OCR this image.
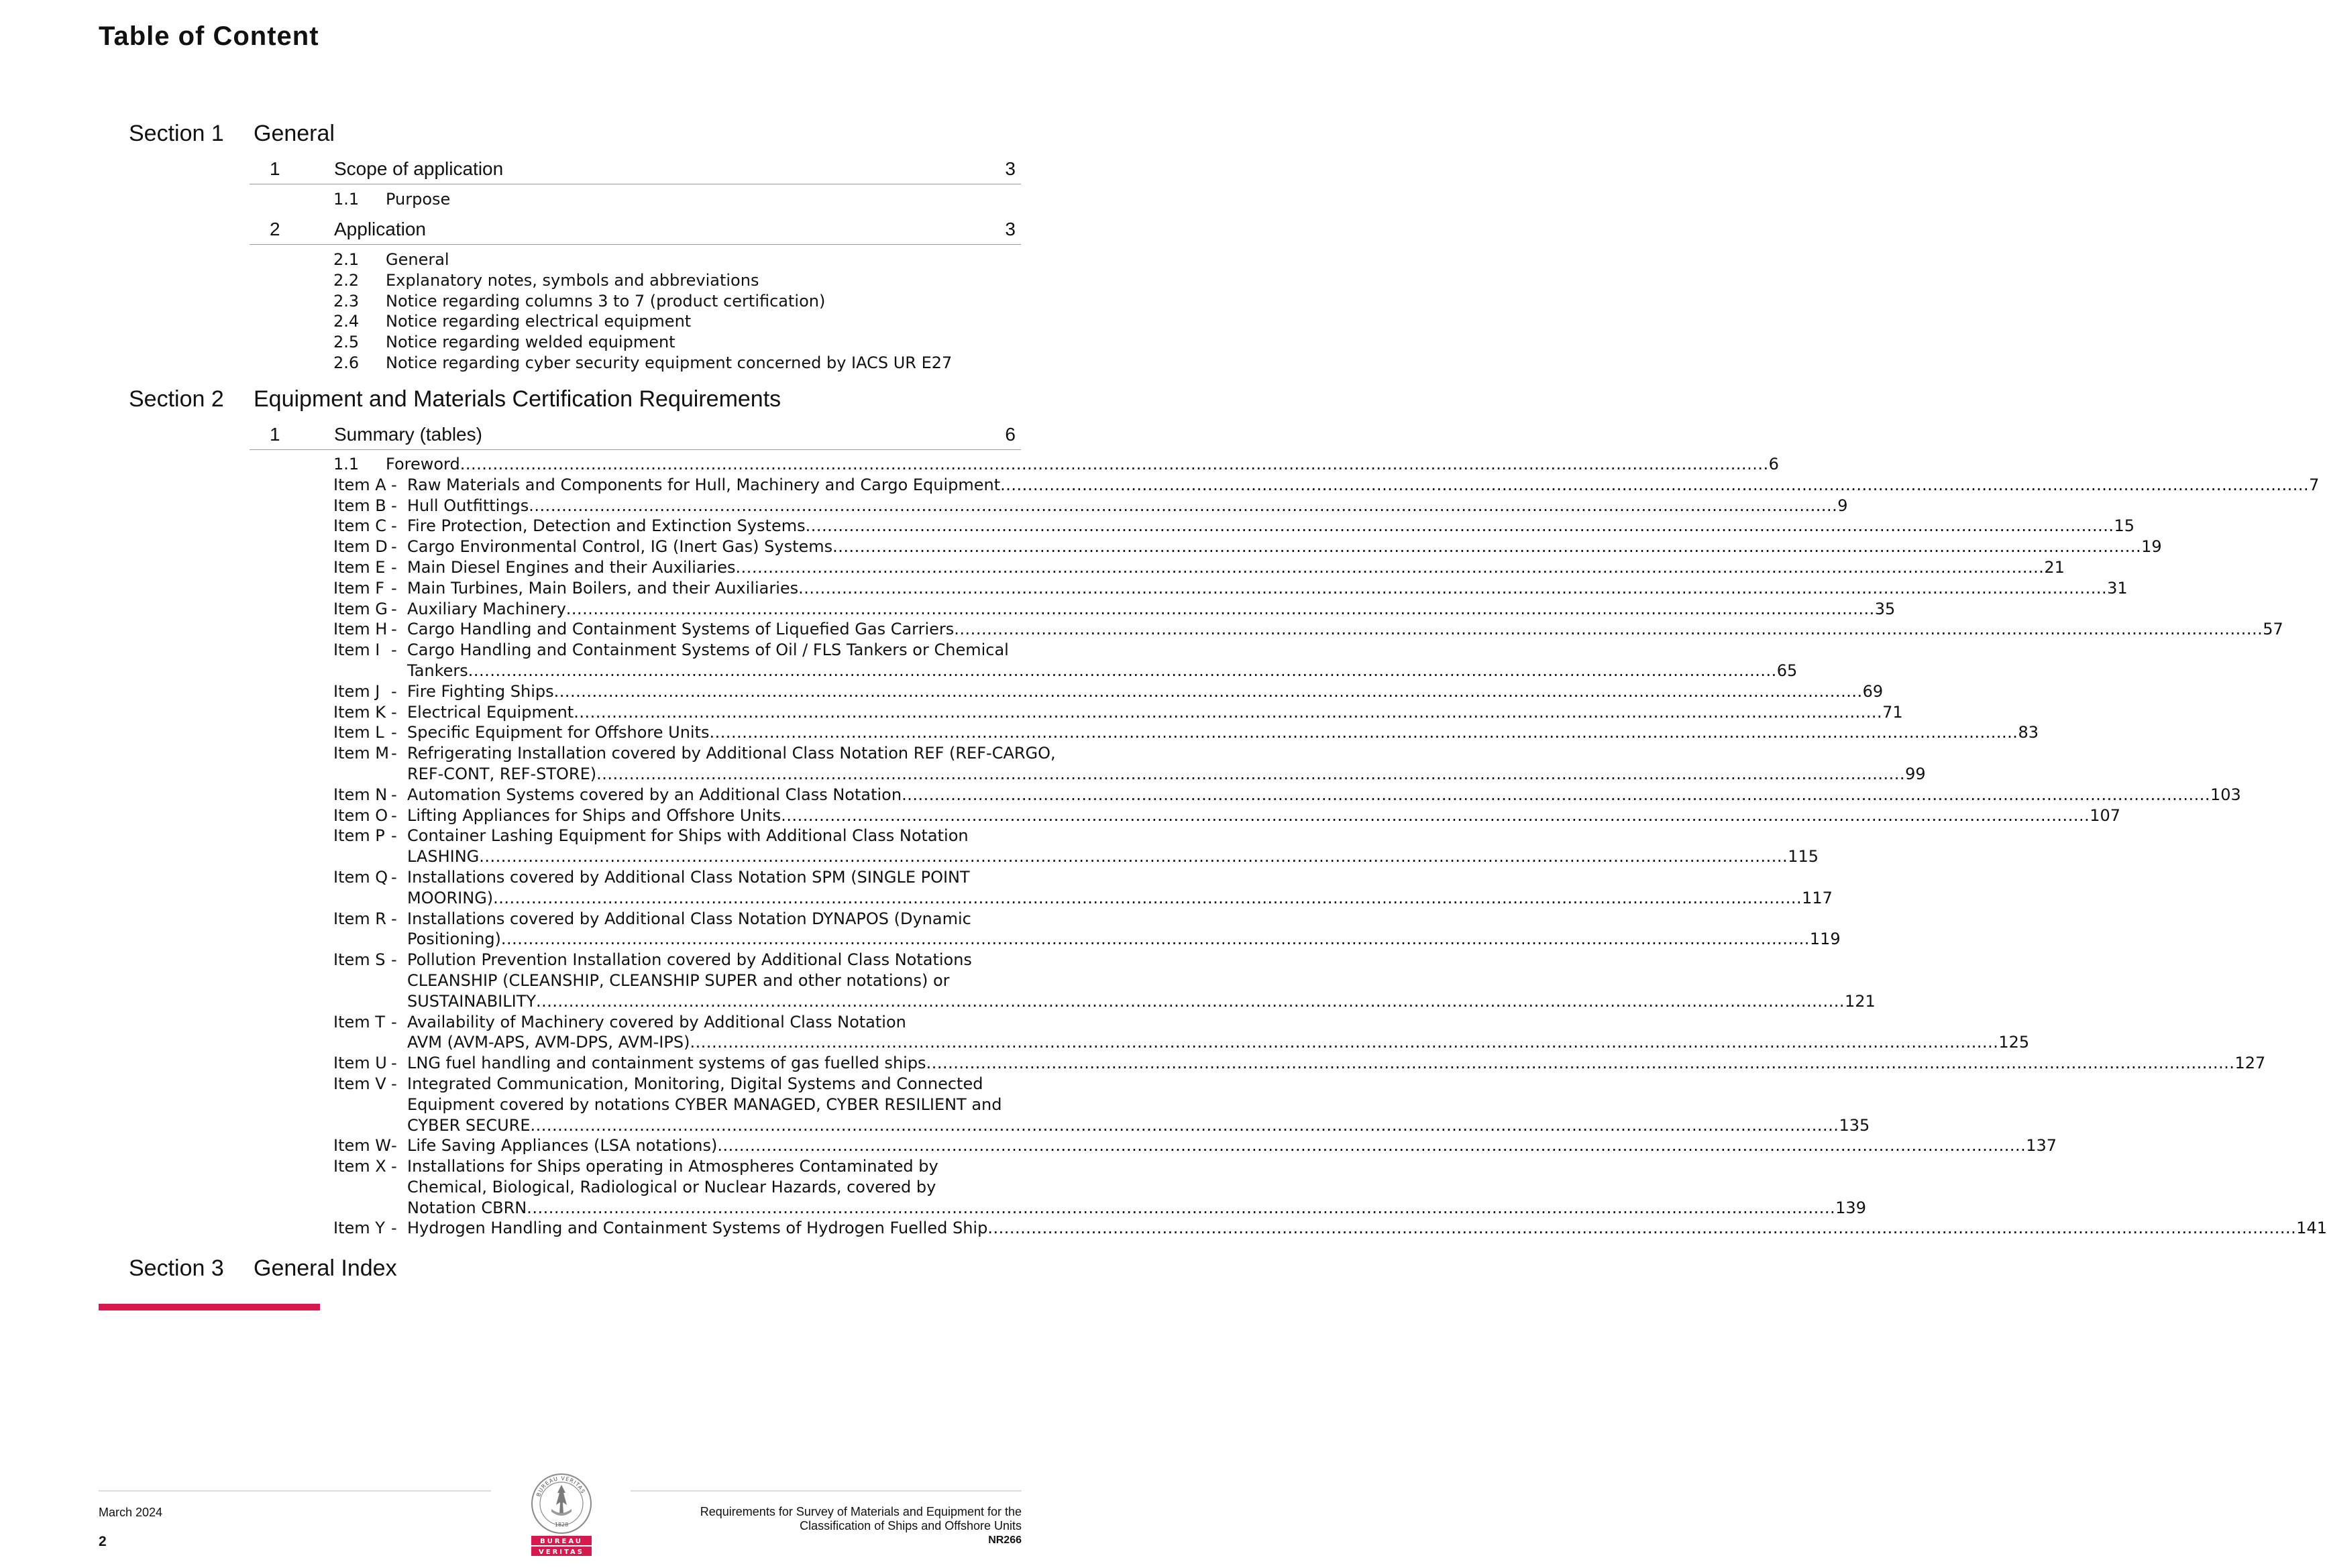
Table of Content
Section 1 General
1	Scope of application	3
1.1 Purpose
2	Application	3
2.1 General
2.2 Explanatory notes, symbols and abbreviations
2.3 Notice regarding columns 3 to 7 (product certification)
2.4 Notice regarding electrical equipment
2.5 Notice regarding welded equipment
2.6 Notice regarding cyber security equipment concerned by IACS UR E27
Section 2 Equipment and Materials Certification Requirements
1	Summary (tables)	6
1.1 Foreword .....	6
Item A - Raw Materials and Components for Hull, Machinery and Cargo Equipment .....	7
Item B - Hull Outfittings .....	9
Item C - Fire Protection, Detection and Extinction Systems .....	15
Item D - Cargo Environmental Control, IG (Inert Gas) Systems .....	19
Item E - Main Diesel Engines and their Auxiliaries .....	21
Item F - Main Turbines, Main Boilers, and their Auxiliaries .....	31
Item G - Auxiliary Machinery .....	35
Item H - Cargo Handling and Containment Systems of Liquefied Gas Carriers .....	57
Item I - Cargo Handling and Containment Systems of Oil / FLS Tankers or Chemical
Tankers .....	65
Item J - Fire Fighting Ships .....	69
Item K - Electrical Equipment .....	71
Item L - Specific Equipment for Offshore Units .....	83
Item M - Refrigerating Installation covered by Additional Class Notation REF (REF-CARGO,
REF-CONT, REF-STORE) .....	99
Item N - Automation Systems covered by an Additional Class Notation .....	103
Item O - Lifting Appliances for Ships and Offshore Units .....	107
Item P - Container Lashing Equipment for Ships with Additional Class Notation
LASHING .....	115
Item Q - Installations covered by Additional Class Notation SPM (SINGLE POINT
MOORING) .....	117
Item R - Installations covered by Additional Class Notation DYNAPOS (Dynamic
Positioning) .....	119
Item S - Pollution Prevention Installation covered by Additional Class Notations
CLEANSHIP (CLEANSHIP, CLEANSHIP SUPER and other notations) or
SUSTAINABILITY .....	121
Item T - Availability of Machinery covered by Additional Class Notation
AVM (AVM-APS, AVM-DPS, AVM-IPS) .....	125
Item U - LNG fuel handling and containment systems of gas fuelled ships .....	127
Item V - Integrated Communication, Monitoring, Digital Systems and Connected
Equipment covered by notations CYBER MANAGED, CYBER RESILIENT and
CYBER SECURE .....	135
Item W - Life Saving Appliances (LSA notations) .....	137
Item X - Installations for Ships operating in Atmospheres Contaminated by
Chemical, Biological, Radiological or Nuclear Hazards, covered by
Notation CBRN .....	139
Item Y - Hydrogen Handling and Containment Systems of Hydrogen Fuelled Ship .....	141
Section 3 General Index
March 2024
2
Requirements for Survey of Materials and Equipment for the
Classification of Ships and Offshore Units
NR266
BUREAU VERITAS
1828
BUREAU
VERITAS
